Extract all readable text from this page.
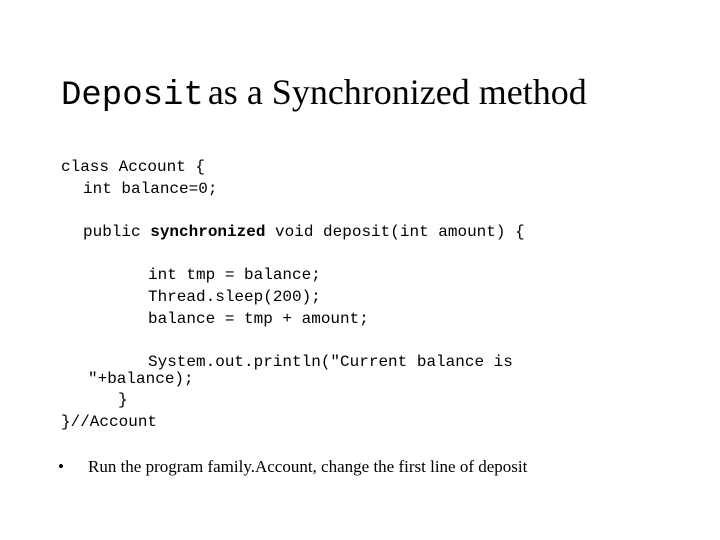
Deposit as a Synchronized method
class Account {
int balance=0;
public synchronized void deposit(int amount) {
int tmp = balance;
Thread.sleep(200);
balance = tmp + amount;
System.out.println("Current balance is
"+balance);
}
}//Account
• Run the program family.Account, change the first line of deposit
